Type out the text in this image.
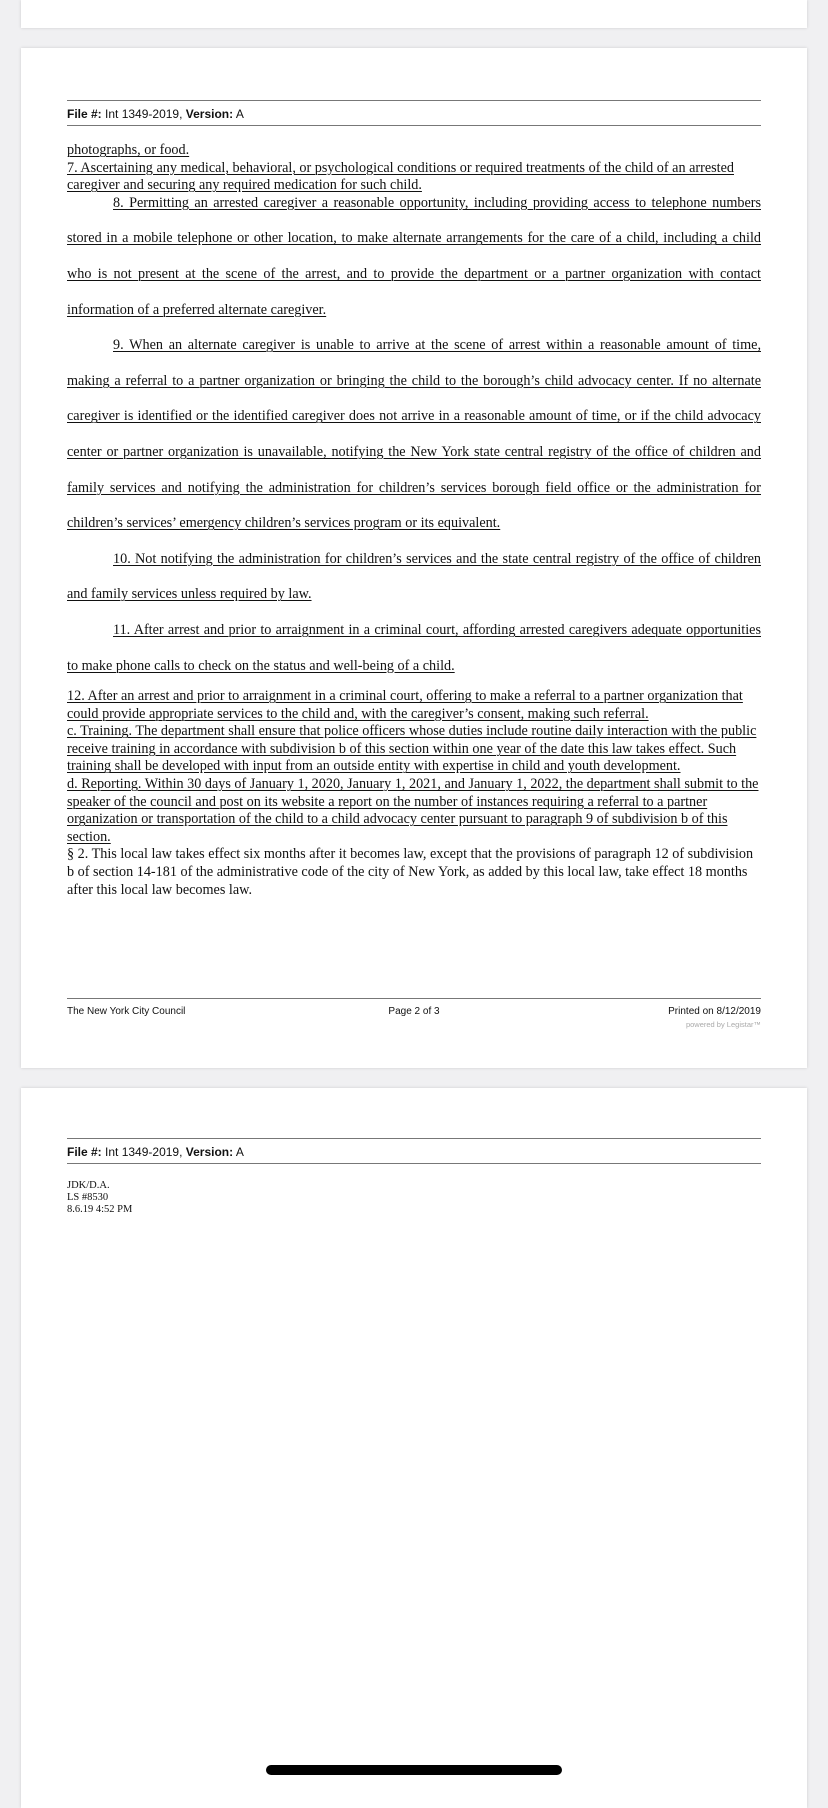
File #: Int 1349-2019, Version: A

photographs, or food.

7. Ascertaining any medical, behavioral, or psychological conditions or required treatments of the child of an arrested caregiver and securing any required medication for such child.

8. Permitting an arrested caregiver a reasonable opportunity, including providing access to telephone numbers stored in a mobile telephone or other location, to make alternate arrangements for the care of a child, including a child who is not present at the scene of the arrest, and to provide the department or a partner organization with contact information of a preferred alternate caregiver.

9. When an alternate caregiver is unable to arrive at the scene of arrest within a reasonable amount of time, making a referral to a partner organization or bringing the child to the borough’s child advocacy center. If no alternate caregiver is identified or the identified caregiver does not arrive in a reasonable amount of time, or if the child advocacy center or partner organization is unavailable, notifying the New York state central registry of the office of children and family services and notifying the administration for children’s services borough field office or the administration for children’s services’ emergency children’s services program or its equivalent.

10. Not notifying the administration for children’s services and the state central registry of the office of children and family services unless required by law.

11. After arrest and prior to arraignment in a criminal court, affording arrested caregivers adequate opportunities to make phone calls to check on the status and well-being of a child.

12. After an arrest and prior to arraignment in a criminal court, offering to make a referral to a partner organization that could provide appropriate services to the child and, with the caregiver’s consent, making such referral.

c. Training. The department shall ensure that police officers whose duties include routine daily interaction with the public receive training in accordance with subdivision b of this section within one year of the date this law takes effect. Such training shall be developed with input from an outside entity with expertise in child and youth development.

d. Reporting. Within 30 days of January 1, 2020, January 1, 2021, and January 1, 2022, the department shall submit to the speaker of the council and post on its website a report on the number of instances requiring a referral to a partner organization or transportation of the child to a child advocacy center pursuant to paragraph 9 of subdivision b of this section.

§ 2. This local law takes effect six months after it becomes law, except that the provisions of paragraph 12 of subdivision b of section 14-181 of the administrative code of the city of New York, as added by this local law, take effect 18 months after this local law becomes law.

The New York City Council	Page 2 of 3	Printed on 8/12/2019
powered by Legistar™
File #: Int 1349-2019, Version: A
JDK/D.A.
LS #8530
8.6.19 4:52 PM
